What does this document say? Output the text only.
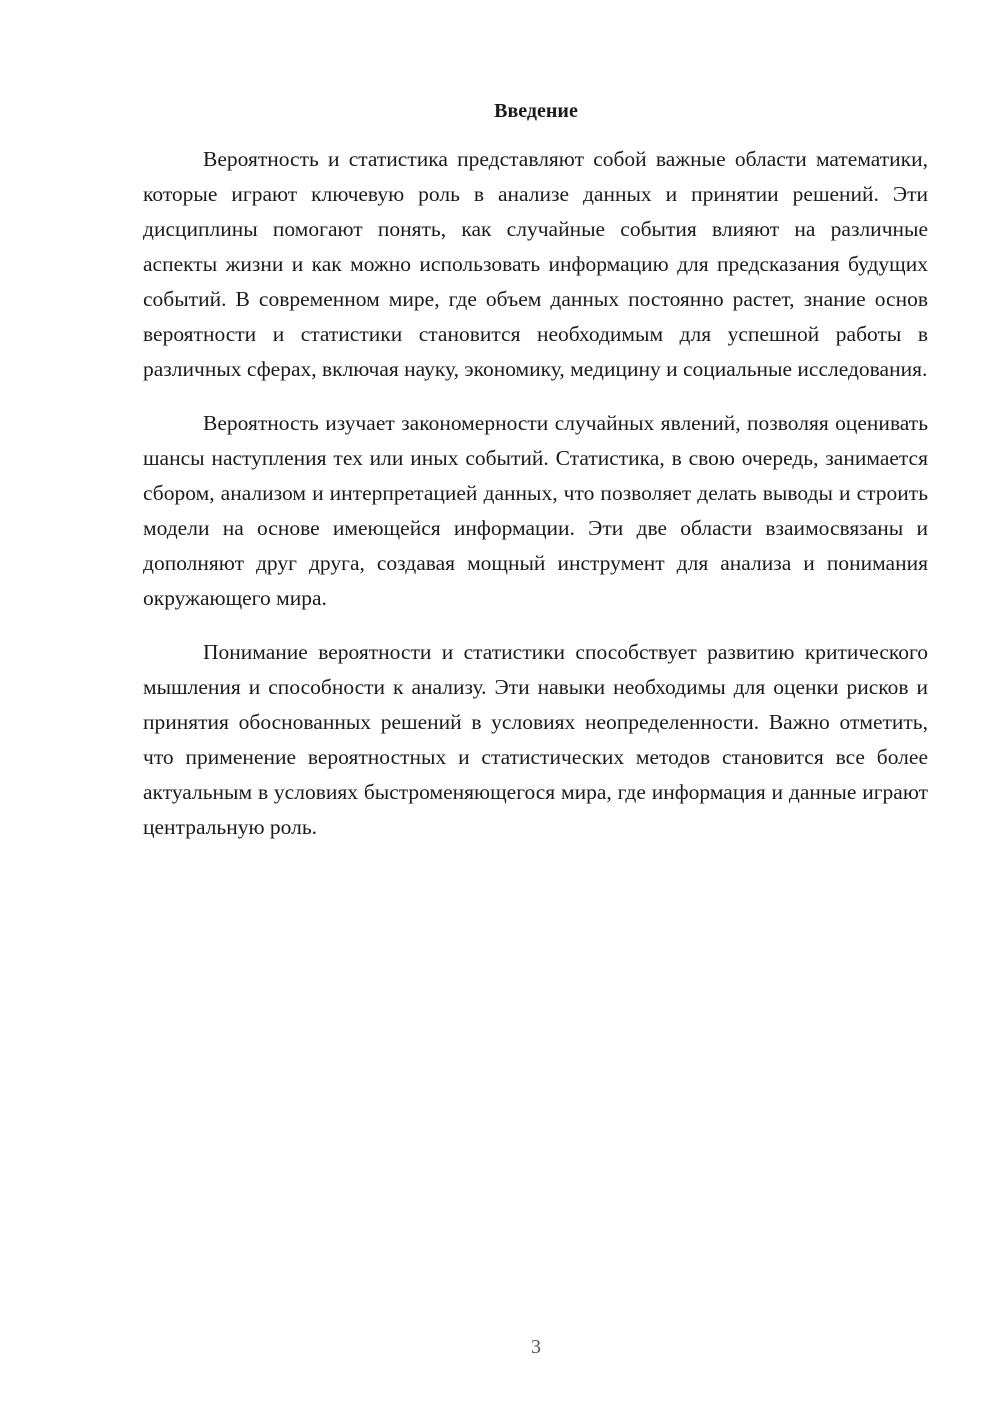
Введение

Вероятность и статистика представляют собой важные области математики, которые играют ключевую роль в анализе данных и принятии решений. Эти дисциплины помогают понять, как случайные события влияют на различные аспекты жизни и как можно использовать информацию для предсказания будущих событий. В современном мире, где объем данных постоянно растет, знание основ вероятности и статистики становится необходимым для успешной работы в различных сферах, включая науку, экономику, медицину и социальные исследования.

Вероятность изучает закономерности случайных явлений, позволяя оценивать шансы наступления тех или иных событий. Статистика, в свою очередь, занимается сбором, анализом и интерпретацией данных, что позволяет делать выводы и строить модели на основе имеющейся информации. Эти две области взаимосвязаны и дополняют друг друга, создавая мощный инструмент для анализа и понимания окружающего мира.

Понимание вероятности и статистики способствует развитию критического мышления и способности к анализу. Эти навыки необходимы для оценки рисков и принятия обоснованных решений в условиях неопределенности. Важно отметить, что применение вероятностных и статистических методов становится все более актуальным в условиях быстроменяющегося мира, где информация и данные играют центральную роль.

3
